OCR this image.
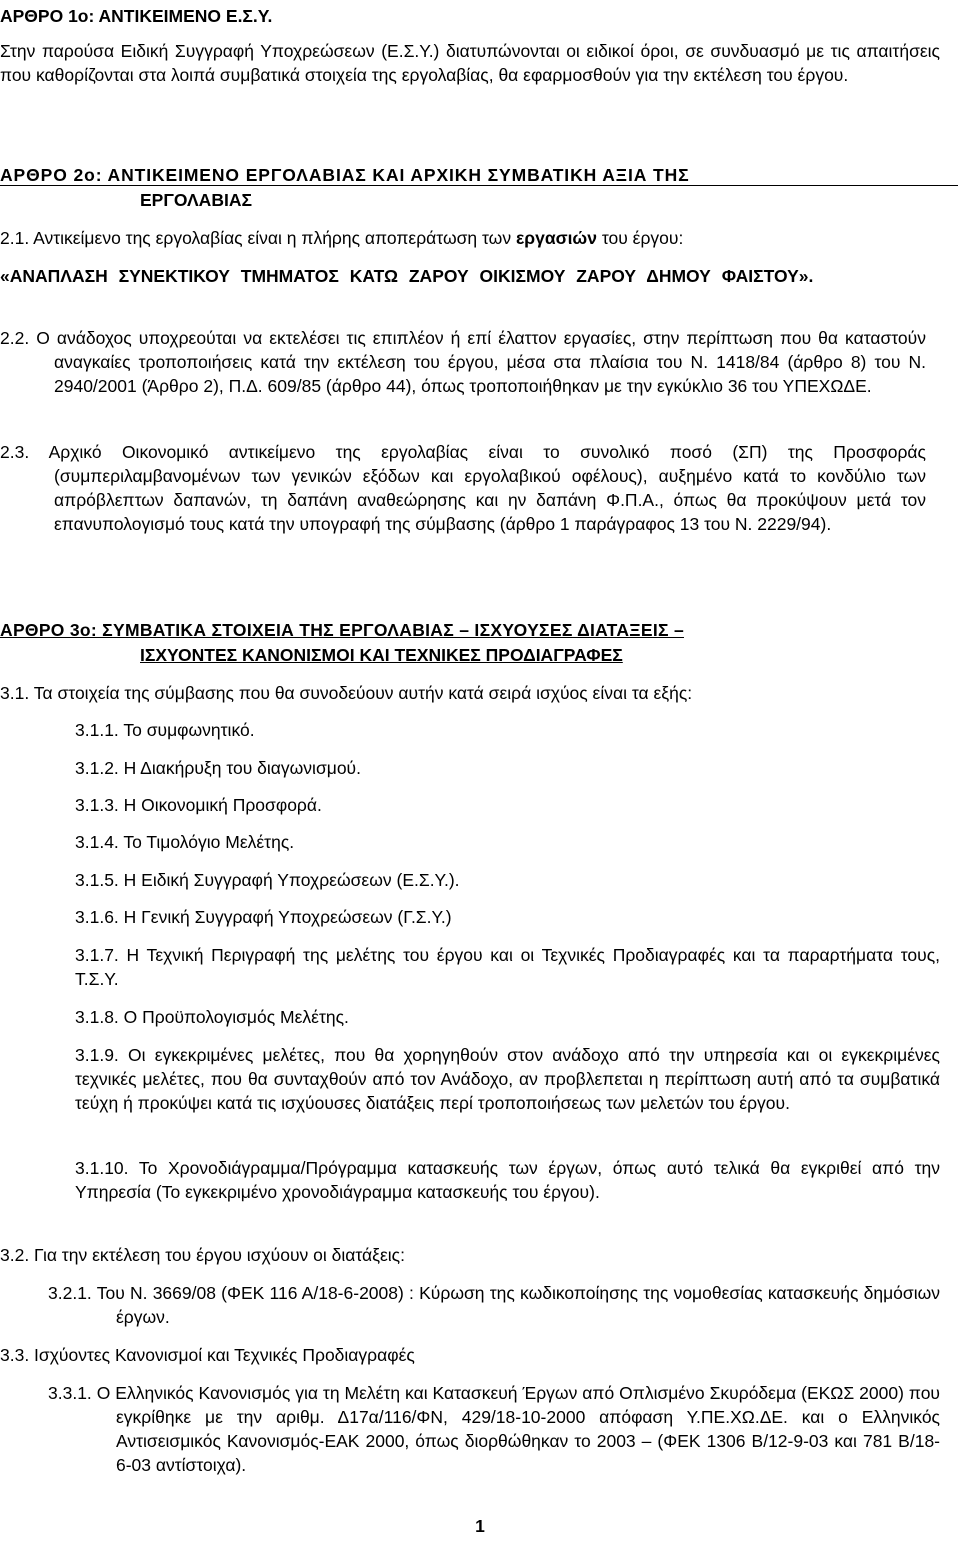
ΑΡΘΡΟ 1ο: ΑΝΤΙΚΕΙΜΕΝΟ Ε.Σ.Υ.
Στην παρούσα Ειδική Συγγραφή Υποχρεώσεων (Ε.Σ.Υ.) διατυπώνονται οι ειδικοί όροι, σε συνδυασμό με τις απαιτήσεις που καθορίζονται στα λοιπά συμβατικά στοιχεία της εργολαβίας, θα εφαρμοσθούν για την εκτέλεση του έργου.
ΑΡΘΡΟ 2ο: ΑΝΤΙΚΕΙΜΕΝΟ ΕΡΓΟΛΑΒΙΑΣ ΚΑΙ ΑΡΧΙΚΗ ΣΥΜΒΑΤΙΚΗ ΑΞΙΑ ΤΗΣ
ΕΡΓΟΛΑΒΙΑΣ
2.1. Αντικείμενο της εργολαβίας είναι η πλήρης αποπεράτωση των εργασιών του έργου:
«ΑΝΑΠΛΑΣΗ ΣΥΝΕΚΤΙΚΟΥ ΤΜΗΜΑΤΟΣ ΚΑΤΩ ΖΑΡΟΥ ΟΙΚΙΣΜΟΥ ΖΑΡΟΥ ΔΗΜΟΥ ΦΑΙΣΤΟΥ».
2.2. Ο ανάδοχος υποχρεούται να εκτελέσει τις επιπλέον ή επί έλαττον εργασίες, στην περίπτωση που θα καταστούν αναγκαίες τροποποιήσεις κατά την εκτέλεση του έργου, μέσα στα πλαίσια του Ν. 1418/84 (άρθρο 8) του Ν. 2940/2001 (Άρθρο 2), Π.Δ. 609/85 (άρθρο 44), όπως τροποποιήθηκαν με την εγκύκλιο 36 του ΥΠΕΧΩΔΕ.
2.3. Αρχικό Οικονομικό αντικείμενο της εργολαβίας είναι το συνολικό ποσό (ΣΠ) της Προσφοράς (συμπεριλαμβανομένων των γενικών εξόδων και εργολαβικού οφέλους), αυξημένο κατά το κονδύλιο των απρόβλεπτων δαπανών, τη δαπάνη αναθεώρησης και ην δαπάνη Φ.Π.Α., όπως θα προκύψουν μετά τον επανυπολογισμό τους κατά την υπογραφή της σύμβασης (άρθρο 1 παράγραφος 13 του Ν. 2229/94).
ΑΡΘΡΟ 3ο: ΣΥΜΒΑΤΙΚΑ ΣΤΟΙΧΕΙΑ ΤΗΣ ΕΡΓΟΛΑΒΙΑΣ – ΙΣΧΥΟΥΣΕΣ ΔΙΑΤΑΞΕΙΣ –
ΙΣΧΥΟΝΤΕΣ ΚΑΝΟΝΙΣΜΟΙ ΚΑΙ ΤΕΧΝΙΚΕΣ ΠΡΟΔΙΑΓΡΑΦΕΣ
3.1. Τα στοιχεία της σύμβασης που θα συνοδεύουν αυτήν κατά σειρά ισχύος είναι τα εξής:
3.1.1. Το συμφωνητικό.
3.1.2. Η Διακήρυξη του διαγωνισμού.
3.1.3. Η Οικονομική Προσφορά.
3.1.4. Το Τιμολόγιο Μελέτης.
3.1.5. Η Ειδική Συγγραφή Υποχρεώσεων (Ε.Σ.Υ.).
3.1.6. Η Γενική Συγγραφή Υποχρεώσεων (Γ.Σ.Υ.)
3.1.7. Η Τεχνική Περιγραφή της μελέτης του έργου και οι Τεχνικές Προδιαγραφές και τα παραρτήματα τους, Τ.Σ.Υ.
3.1.8. Ο Προϋπολογισμός Μελέτης.
3.1.9. Οι εγκεκριμένες μελέτες, που θα χορηγηθούν στον ανάδοχο από την υπηρεσία και οι εγκεκριμένες τεχνικές μελέτες, που θα συνταχθούν από τον Ανάδοχο, αν προβλεπεται η περίπτωση αυτή από τα συμβατικά τεύχη ή προκύψει κατά τις ισχύουσες διατάξεις περί τροποποιήσεως των μελετών του έργου.
3.1.10. Το Χρονοδιάγραμμα/Πρόγραμμα κατασκευής των έργων, όπως αυτό τελικά θα εγκριθεί από την Υπηρεσία (Το εγκεκριμένο χρονοδιάγραμμα κατασκευής του έργου).
3.2. Για την εκτέλεση του έργου ισχύουν οι διατάξεις:
3.2.1. Του Ν. 3669/08 (ΦΕΚ 116 Α/18-6-2008) : Κύρωση της κωδικοποίησης της νομοθεσίας κατασκευής δημόσιων έργων.
3.3. Ισχύοντες Κανονισμοί και Τεχνικές Προδιαγραφές
3.3.1. Ο Ελληνικός Κανονισμός για τη Μελέτη και Κατασκευή Έργων από Οπλισμένο Σκυρόδεμα (ΕΚΩΣ 2000) που εγκρίθηκε με την αριθμ. Δ17α/116/ΦΝ, 429/18-10-2000 απόφαση Υ.ΠΕ.ΧΩ.ΔΕ. και ο Ελληνικός Αντισεισμικός Κανονισμός-ΕΑΚ 2000, όπως διορθώθηκαν το 2003 – (ΦΕΚ 1306 Β/12-9-03 και 781 Β/18-6-03 αντίστοιχα).
1
